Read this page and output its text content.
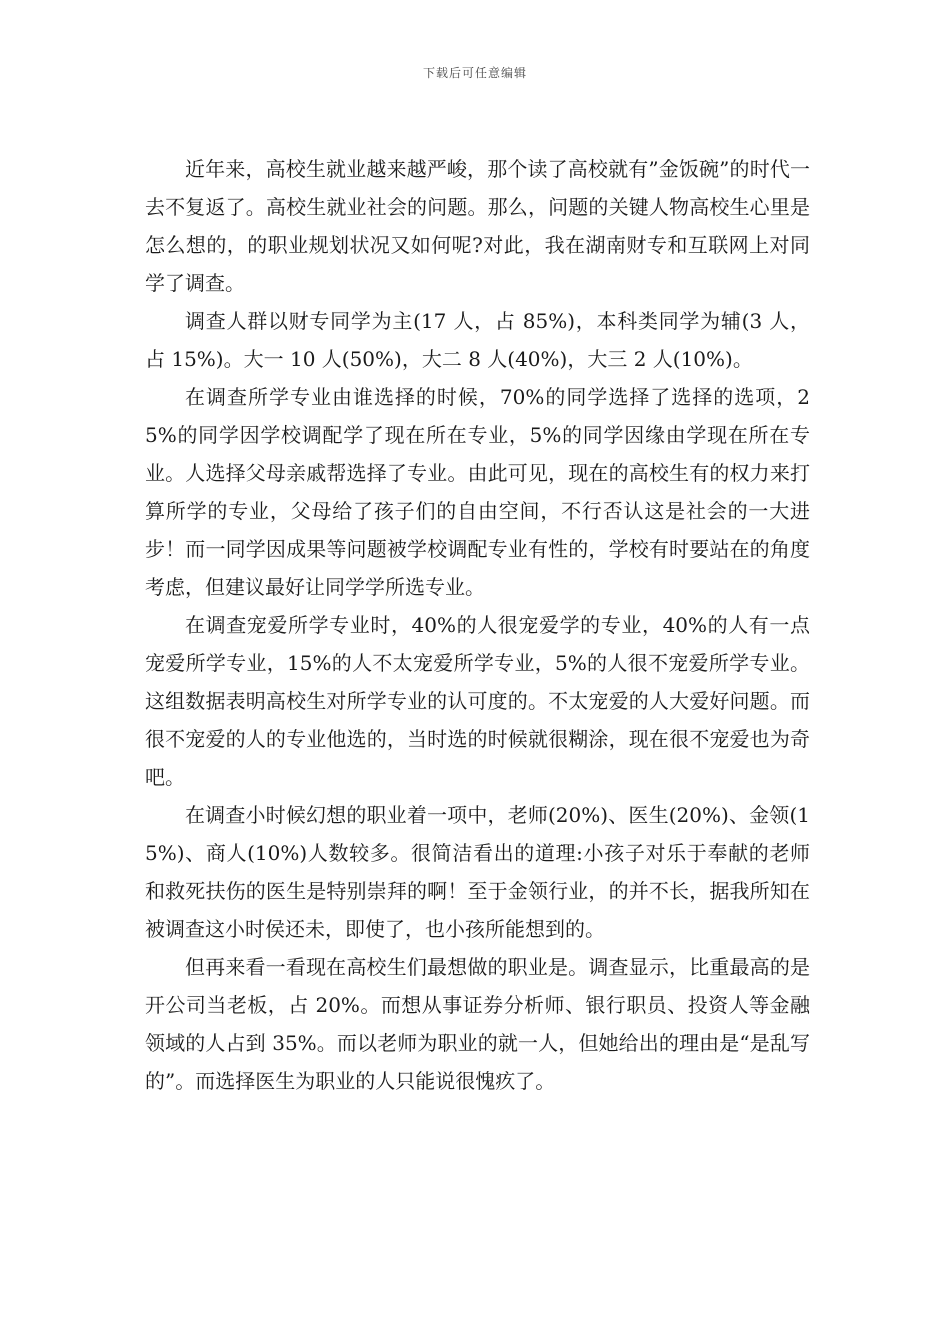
下载后可任意编辑

近年来，高校生就业越来越严峻，那个读了高校就有”金饭碗”的时代一去不复返了。高校生就业社会的问题。那么，问题的关键人物高校生心里是怎么想的，的职业规划状况又如何呢?对此，我在湖南财专和互联网上对同学了调查。

调查人群以财专同学为主(17 人，占 85%)，本科类同学为辅(3 人，占 15%)。大一 10 人(50%)，大二 8 人(40%)，大三 2 人(10%)。

在调查所学专业由谁选择的时候，70%的同学选择了选择的选项，25%的同学因学校调配学了现在所在专业，5%的同学因缘由学现在所在专业。人选择父母亲戚帮选择了专业。由此可见，现在的高校生有的权力来打算所学的专业，父母给了孩子们的自由空间，不行否认这是社会的一大进步！而一同学因成果等问题被学校调配专业有性的，学校有时要站在的角度考虑，但建议最好让同学学所选专业。

在调查宠爱所学专业时，40%的人很宠爱学的专业，40%的人有一点宠爱所学专业，15%的人不太宠爱所学专业，5%的人很不宠爱所学专业。这组数据表明高校生对所学专业的认可度的。不太宠爱的人大爱好问题。而很不宠爱的人的专业他选的，当时选的时候就很糊涂，现在很不宠爱也为奇吧。

在调查小时候幻想的职业着一项中，老师(20%)、医生(20%)、金领(15%)、商人(10%)人数较多。很简洁看出的道理:小孩子对乐于奉献的老师和救死扶伤的医生是特别崇拜的啊！至于金领行业，的并不长，据我所知在被调查这小时侯还未，即使了，也小孩所能想到的。

但再来看一看现在高校生们最想做的职业是。调查显示，比重最高的是开公司当老板，占 20%。而想从事证券分析师、银行职员、投资人等金融领域的人占到 35%。而以老师为职业的就一人，但她给出的理由是“是乱写的”。而选择医生为职业的人只能说很愧疚了。
